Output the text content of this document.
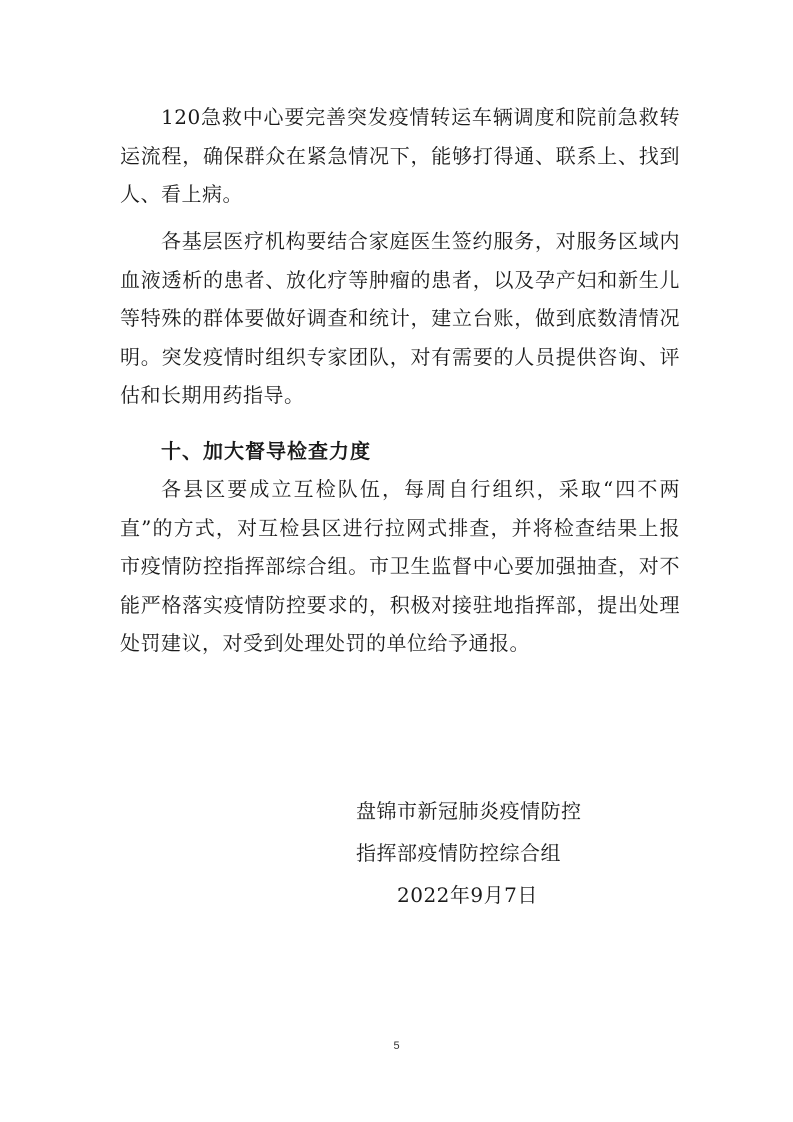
120急救中心要完善突发疫情转运车辆调度和院前急救转运流程，确保群众在紧急情况下，能够打得通、联系上、找到人、看上病。

各基层医疗机构要结合家庭医生签约服务，对服务区域内血液透析的患者、放化疗等肿瘤的患者，以及孕产妇和新生儿等特殊的群体要做好调查和统计，建立台账，做到底数清情况明。突发疫情时组织专家团队，对有需要的人员提供咨询、评估和长期用药指导。

十、加大督导检查力度

各县区要成立互检队伍，每周自行组织，采取“四不两直”的方式，对互检县区进行拉网式排查，并将检查结果上报市疫情防控指挥部综合组。市卫生监督中心要加强抽查，对不能严格落实疫情防控要求的，积极对接驻地指挥部，提出处理处罚建议，对受到处理处罚的单位给予通报。

盘锦市新冠肺炎疫情防控

指挥部疫情防控综合组

2022年9月7日

5
